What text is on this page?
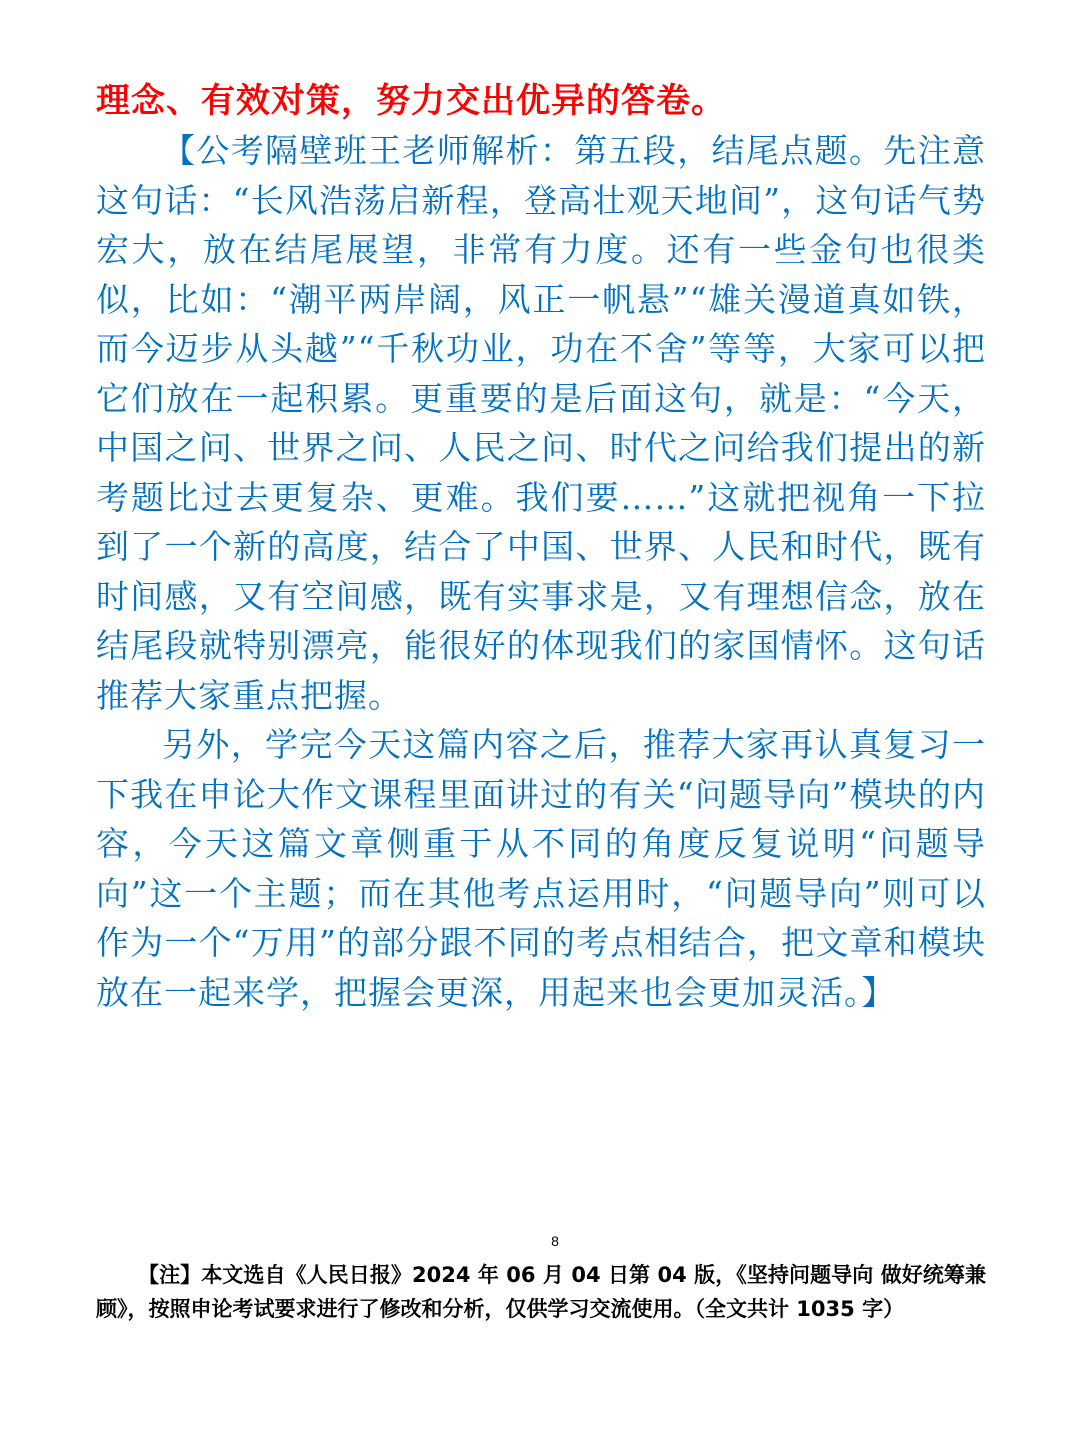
理念、有效对策，努力交出优异的答卷。

【公考隔壁班王老师解析：第五段，结尾点题。先注意这句话：“长风浩荡启新程，登高壮观天地间”，这句话气势宏大，放在结尾展望，非常有力度。还有一些金句也很类似，比如：“潮平两岸阔，风正一帆悬”“雄关漫道真如铁，而今迈步从头越”“千秋功业，功在不舍”等等，大家可以把它们放在一起积累。更重要的是后面这句，就是：“今天，中国之问、世界之问、人民之问、时代之问给我们提出的新考题比过去更复杂、更难。我们要……”这就把视角一下拉到了一个新的高度，结合了中国、世界、人民和时代，既有时间感，又有空间感，既有实事求是，又有理想信念，放在结尾段就特别漂亮，能很好的体现我们的家国情怀。这句话推荐大家重点把握。

另外，学完今天这篇内容之后，推荐大家再认真复习一下我在申论大作文课程里面讲过的有关“问题导向”模块的内容，今天这篇文章侧重于从不同的角度反复说明“问题导向”这一个主题；而在其他考点运用时，“问题导向”则可以作为一个“万用”的部分跟不同的考点相结合，把文章和模块放在一起来学，把握会更深，用起来也会更加灵活。】

8
【注】本文选自《人民日报》2024 年 06 月 04 日第 04 版，《坚持问题导向 做好统筹兼顾》，按照申论考试要求进行了修改和分析，仅供学习交流使用。（全文共计 1035 字）
